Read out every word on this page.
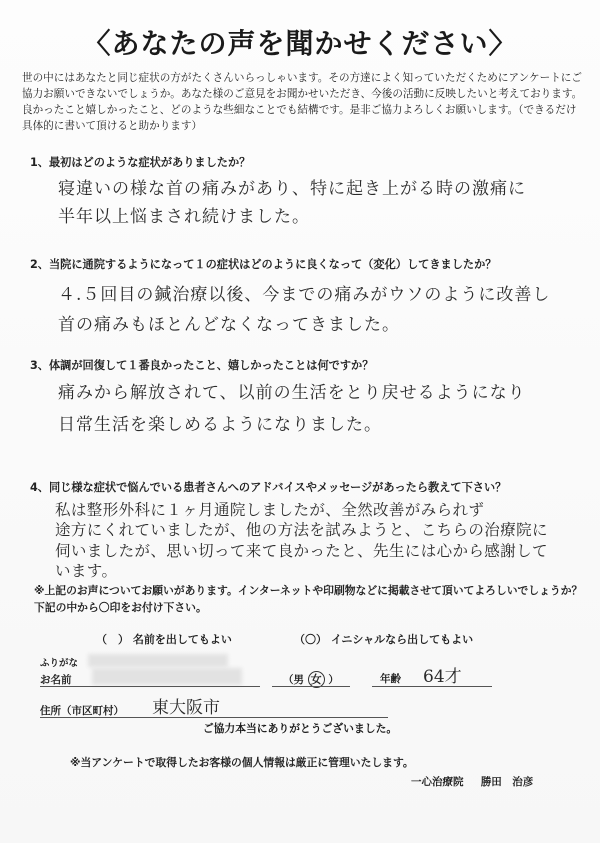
〈あなたの声を聞かせください〉
世の中にはあなたと同じ症状の方がたくさんいらっしゃいます。その方達によく知っていただくためにアンケートにご協力お願いできないでしょうか。あなた様のご意見をお聞かせいただき、今後の活動に反映したいと考えております。良かったこと嬉しかったこと、どのような些細なことでも結構です。是非ご協力よろしくお願いします。（できるだけ具体的に書いて頂けると助かります）
1、最初はどのような症状がありましたか？
寝違いの様な首の痛みがあり、特に起き上がる時の激痛に
半年以上悩まされ続けました。
2、当院に通院するようになって１の症状はどのように良くなって（変化）してきましたか？
４.５回目の鍼治療以後、今までの痛みがウソのように改善し
首の痛みもほとんどなくなってきました。
3、体調が回復して１番良かったこと、嬉しかったことは何ですか？
痛みから解放されて、以前の生活をとり戻せるようになり
日常生活を楽しめるようになりました。
4、同じ様な症状で悩んでいる患者さんへのアドバイスやメッセージがあったら教えて下さい？
私は整形外科に１ヶ月通院しましたが、全然改善がみられず
途方にくれていましたが、他の方法を試みようと、こちらの治療院に
伺いましたが、思い切って来て良かったと、先生には心から感謝して
います。
※上記のお声についてお願いがあります。インターネットや印刷物などに掲載させて頂いてよろしいでしょうか？下記の中から〇印をお付け下さい。
（　） 名前を出してもよい	（〇） イニシャルなら出してもよい
ふりがな
お名前	（男 女 ）	年齢 64才
住所（市区町村） 東大阪市
ご協力本当にありがとうございました。
※当アンケートで取得したお客様の個人情報は厳正に管理いたします。
一心治療院 勝田　治彦
